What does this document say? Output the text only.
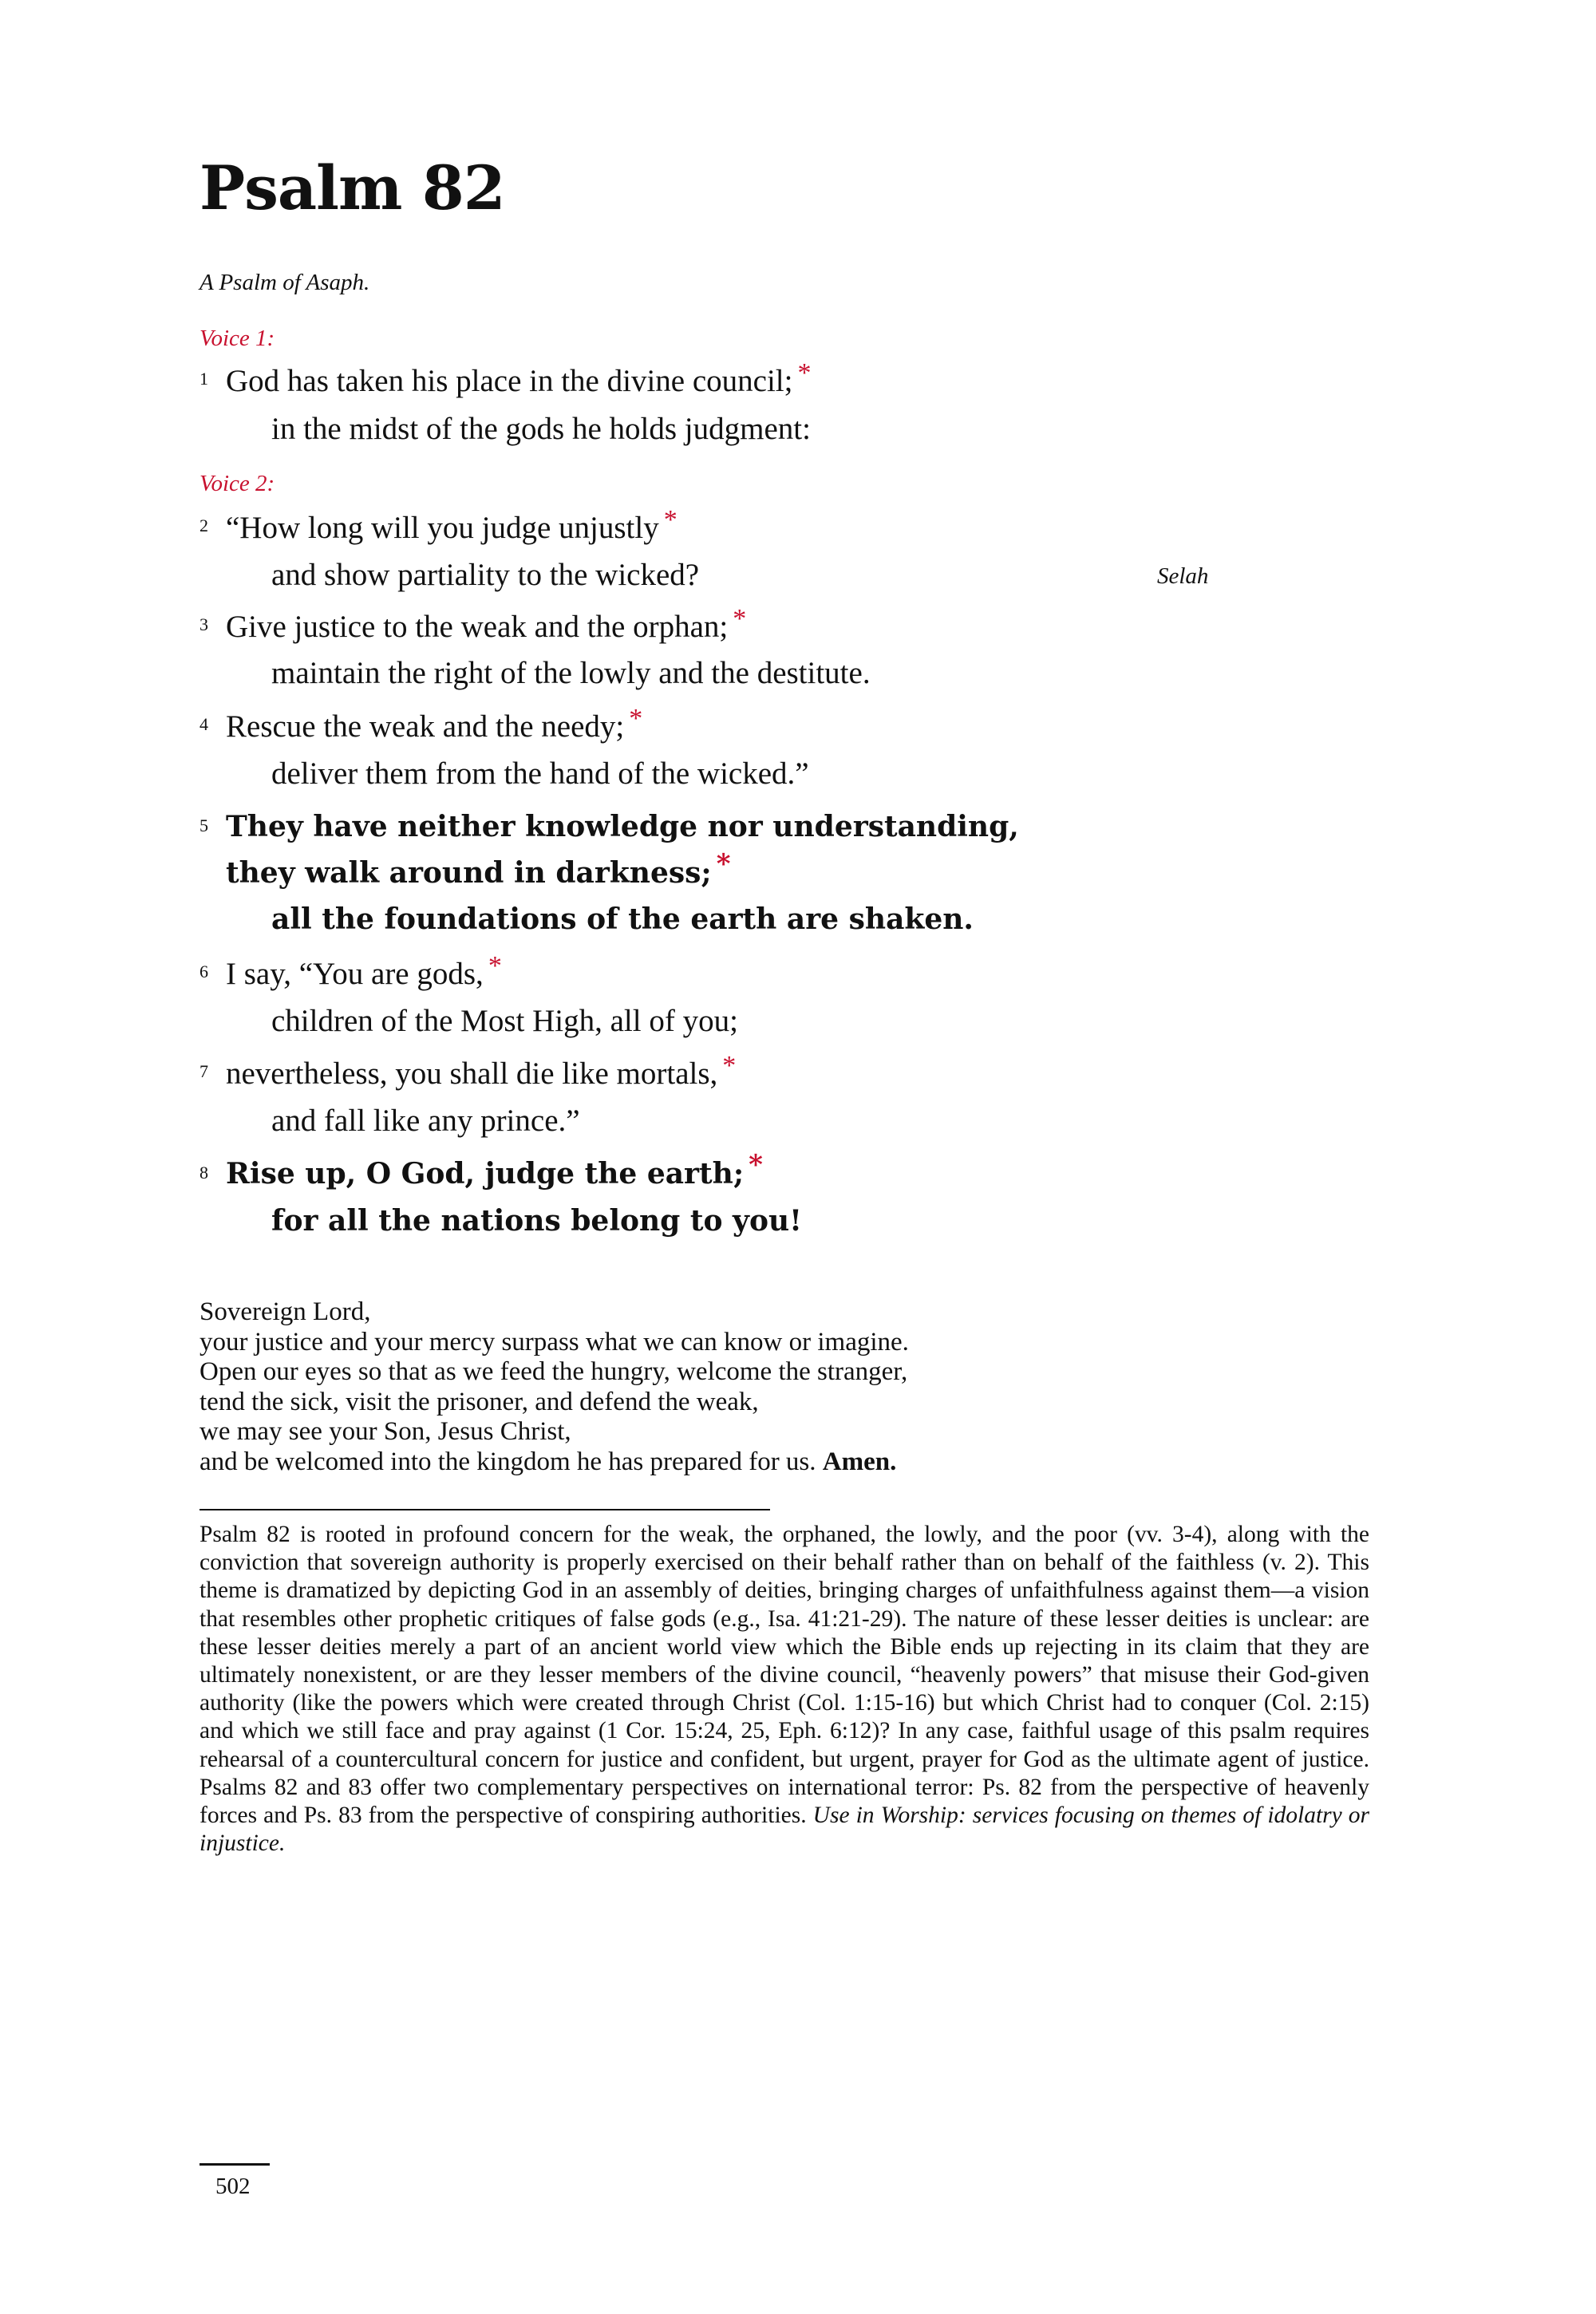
Psalm 82

A Psalm of Asaph.

Voice 1:

1 God has taken his place in the divine council; *

in the midst of the gods he holds judgment:

Voice 2:

2 “How long will you judge unjustly *

and show partiality to the wicked?	Selah
3 Give justice to the weak and the orphan; *

maintain the right of the lowly and the destitute.

4 Rescue the weak and the needy; *

deliver them from the hand of the wicked.”

5 They have neither knowledge nor understanding,

they walk around in darkness; *

all the foundations of the earth are shaken.

6 I say, “You are gods, *

children of the Most High, all of you;

7 nevertheless, you shall die like mortals, *

and fall like any prince.”

8 Rise up, O God, judge the earth; *

for all the nations belong to you!

Sovereign Lord,
your justice and your mercy surpass what we can know or imagine.
Open our eyes so that as we feed the hungry, welcome the stranger,
tend the sick, visit the prisoner, and defend the weak,
we may see your Son, Jesus Christ,
and be welcomed into the kingdom he has prepared for us. Amen.

Psalm 82 is rooted in profound concern for the weak, the orphaned, the lowly, and the poor (vv. 3-4), along with the conviction that sovereign authority is properly exercised on their behalf rather than on behalf of the faithless (v. 2). This theme is dramatized by depicting God in an assembly of deities, bringing charges of unfaithfulness against them—a vision that resembles other prophetic critiques of false gods (e.g., Isa. 41:21-29). The nature of these lesser deities is unclear: are these lesser deities merely a part of an ancient world view which the Bible ends up rejecting in its claim that they are ultimately nonexistent, or are they lesser members of the divine council, “heavenly powers” that misuse their God-given authority (like the powers which were created through Christ (Col. 1:15-16) but which Christ had to conquer (Col. 2:15) and which we still face and pray against (1 Cor. 15:24, 25, Eph. 6:12)? In any case, faithful usage of this psalm requires rehearsal of a countercultural concern for justice and confident, but urgent, prayer for God as the ultimate agent of justice. Psalms 82 and 83 offer two complementary perspectives on international terror: Ps. 82 from the perspective of heavenly forces and Ps. 83 from the perspective of conspiring authorities. Use in Worship: services focusing on themes of idolatry or injustice.

502
